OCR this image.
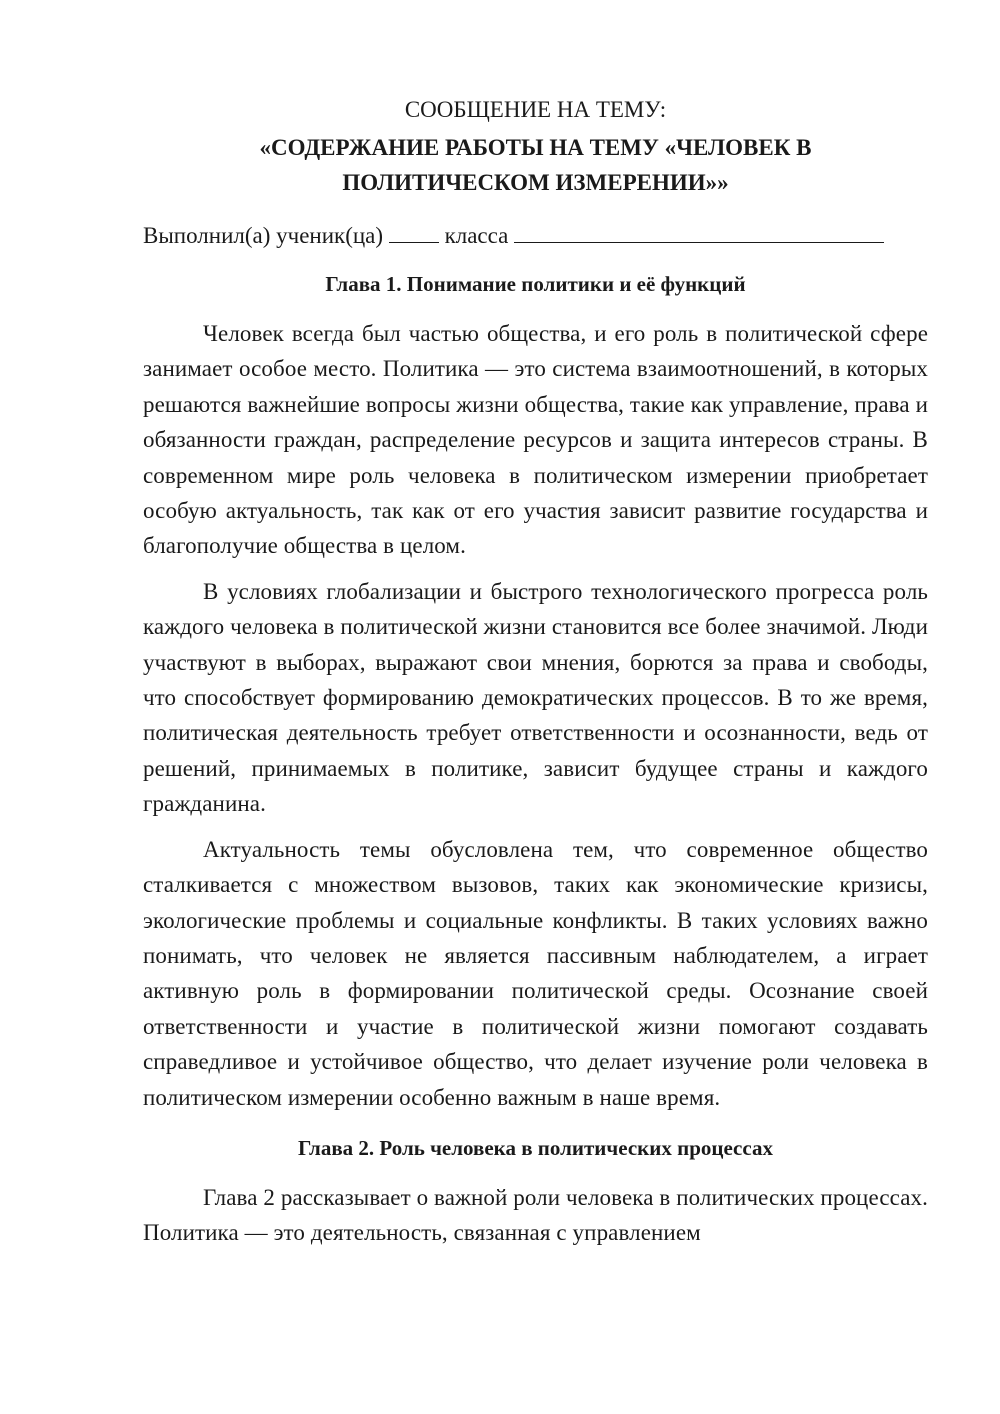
СООБЩЕНИЕ НА ТЕМУ:

«СОДЕРЖАНИЕ РАБОТЫ НА ТЕМУ «ЧЕЛОВЕК В
ПОЛИТИЧЕСКОМ ИЗМЕРЕНИИ»»

Выполнил(а) ученик(ца)	класса

Глава 1. Понимание политики и её функций

Человек всегда был частью общества, и его роль в политической сфере занимает особое место. Политика — это система взаимоотношений, в которых решаются важнейшие вопросы жизни общества, такие как управление, права и обязанности граждан, распределение ресурсов и защита интересов страны. В современном мире роль человека в политическом измерении приобретает особую актуальность, так как от его участия зависит развитие государства и благополучие общества в целом.

В условиях глобализации и быстрого технологического прогресса роль каждого человека в политической жизни становится все более значимой. Люди участвуют в выборах, выражают свои мнения, борются за права и свободы, что способствует формированию демократических процессов. В то же время, политическая деятельность требует ответственности и осознанности, ведь от решений, принимаемых в политике, зависит будущее страны и каждого гражданина.

Актуальность темы обусловлена тем, что современное общество сталкивается с множеством вызовов, таких как экономические кризисы, экологические проблемы и социальные конфликты. В таких условиях важно понимать, что человек не является пассивным наблюдателем, а играет активную роль в формировании политической среды. Осознание своей ответственности и участие в политической жизни помогают создавать справедливое и устойчивое общество, что делает изучение роли человека в политическом измерении особенно важным в наше время.

Глава 2. Роль человека в политических процессах

Глава 2 рассказывает о важной роли человека в политических процессах. Политика — это деятельность, связанная с управлением
